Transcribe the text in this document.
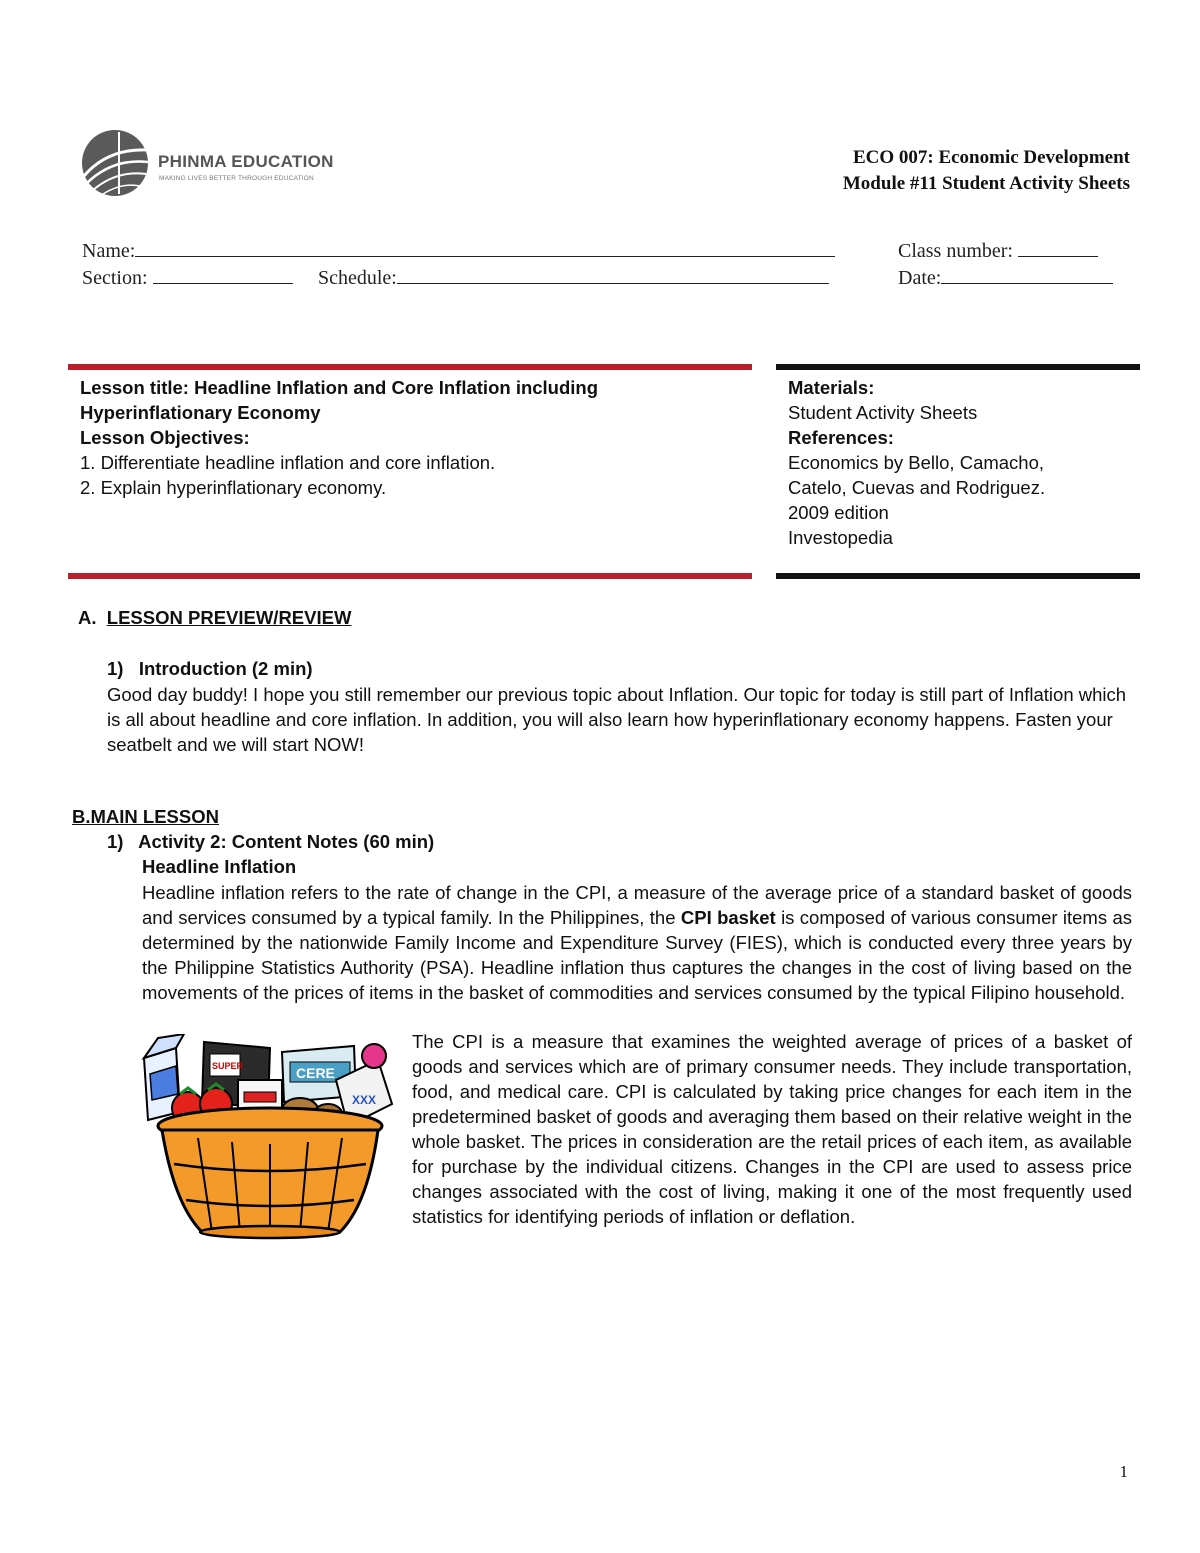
PHINMA EDUCATION
MAKING LIVES BETTER THROUGH EDUCATION
ECO 007: Economic Development
Module #11 Student Activity Sheets
Name:	Class number:
Section:	Schedule:	Date:
Lesson title: Headline Inflation and Core Inflation including Hyperinflationary Economy
Lesson Objectives:
1. Differentiate headline inflation and core inflation.
2. Explain hyperinflationary economy.
Materials:
Student Activity Sheets
References:
Economics by Bello, Camacho,
Catelo, Cuevas and Rodriguez.
2009 edition
Investopedia
A. LESSON PREVIEW/REVIEW
1)   Introduction (2 min)
Good day buddy! I hope you still remember our previous topic about Inflation. Our topic for today is still part of Inflation which is all about headline and core inflation. In addition, you will also learn how hyperinflationary economy happens. Fasten your seatbelt and we will start NOW!
B.MAIN LESSON
1)   Activity 2: Content Notes (60 min)
Headline Inflation
Headline inflation refers to the rate of change in the CPI, a measure of the average price of a standard basket of goods and services consumed by a typical family. In the Philippines, the CPI basket is composed of various consumer items as determined by the nationwide Family Income and Expenditure Survey (FIES), which is conducted every three years by the Philippine Statistics Authority (PSA). Headline inflation thus captures the changes in the cost of living based on the movements of the prices of items in the basket of commodities and services consumed by the typical Filipino household.
CERE
SUPER
XXX
The CPI is a measure that examines the weighted average of prices of a basket of goods and services which are of primary consumer needs. They include transportation, food, and medical care. CPI is calculated by taking price changes for each item in the predetermined basket of goods and averaging them based on their relative weight in the whole basket. The prices in consideration are the retail prices of each item, as available for purchase by the individual citizens. Changes in the CPI are used to assess price changes associated with the cost of living, making it one of the most frequently used statistics for identifying periods of inflation or deflation.
1
